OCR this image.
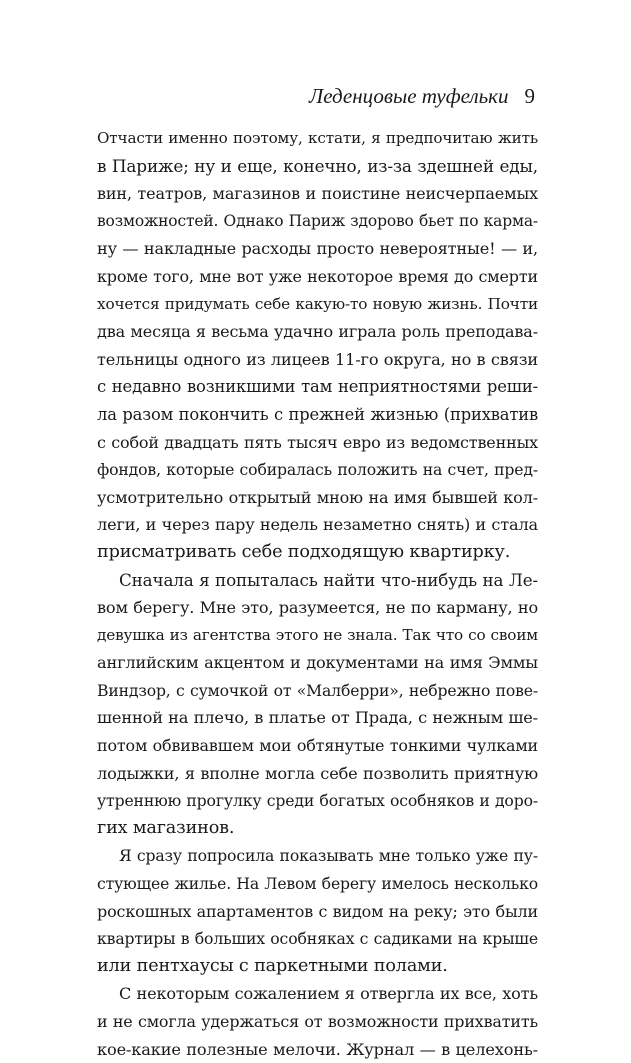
Леденцовые туфельки 9
Отчасти именно поэтому, кстати, я предпочитаю жить
в Париже; ну и еще, конечно, из-за здешней еды,
вин, театров, магазинов и поистине неисчерпаемых
возможностей. Однако Париж здорово бьет по карма-
ну — накладные расходы просто невероятные! — и,
кроме того, мне вот уже некоторое время до смерти
хочется придумать себе какую-то новую жизнь. Почти
два месяца я весьма удачно играла роль преподава-
тельницы одного из лицеев 11-го округа, но в связи
с недавно возникшими там неприятностями реши-
ла разом покончить с прежней жизнью (прихватив
с собой двадцать пять тысяч евро из ведомственных
фондов, которые собиралась положить на счет, пред-
усмотрительно открытый мною на имя бывшей кол-
леги, и через пару недель незаметно снять) и стала
присматривать себе подходящую квартирку.
Сначала я попыталась найти что-нибудь на Ле-
вом берегу. Мне это, разумеется, не по карману, но
девушка из агентства этого не знала. Так что со своим
английским акцентом и документами на имя Эммы
Виндзор, с сумочкой от «Малберри», небрежно пове-
шенной на плечо, в платье от Прада, с нежным ше-
потом обвивавшем мои обтянутые тонкими чулками
лодыжки, я вполне могла себе позволить приятную
утреннюю прогулку среди богатых особняков и доро-
гих магазинов.
Я сразу попросила показывать мне только уже пу-
стующее жилье. На Левом берегу имелось несколько
роскошных апартаментов с видом на реку; это были
квартиры в больших особняках с садиками на крыше
или пентхаусы с паркетными полами.
С некоторым сожалением я отвергла их все, хоть
и не смогла удержаться от возможности прихватить
кое-какие полезные мелочи. Журнал — в целехонь-
